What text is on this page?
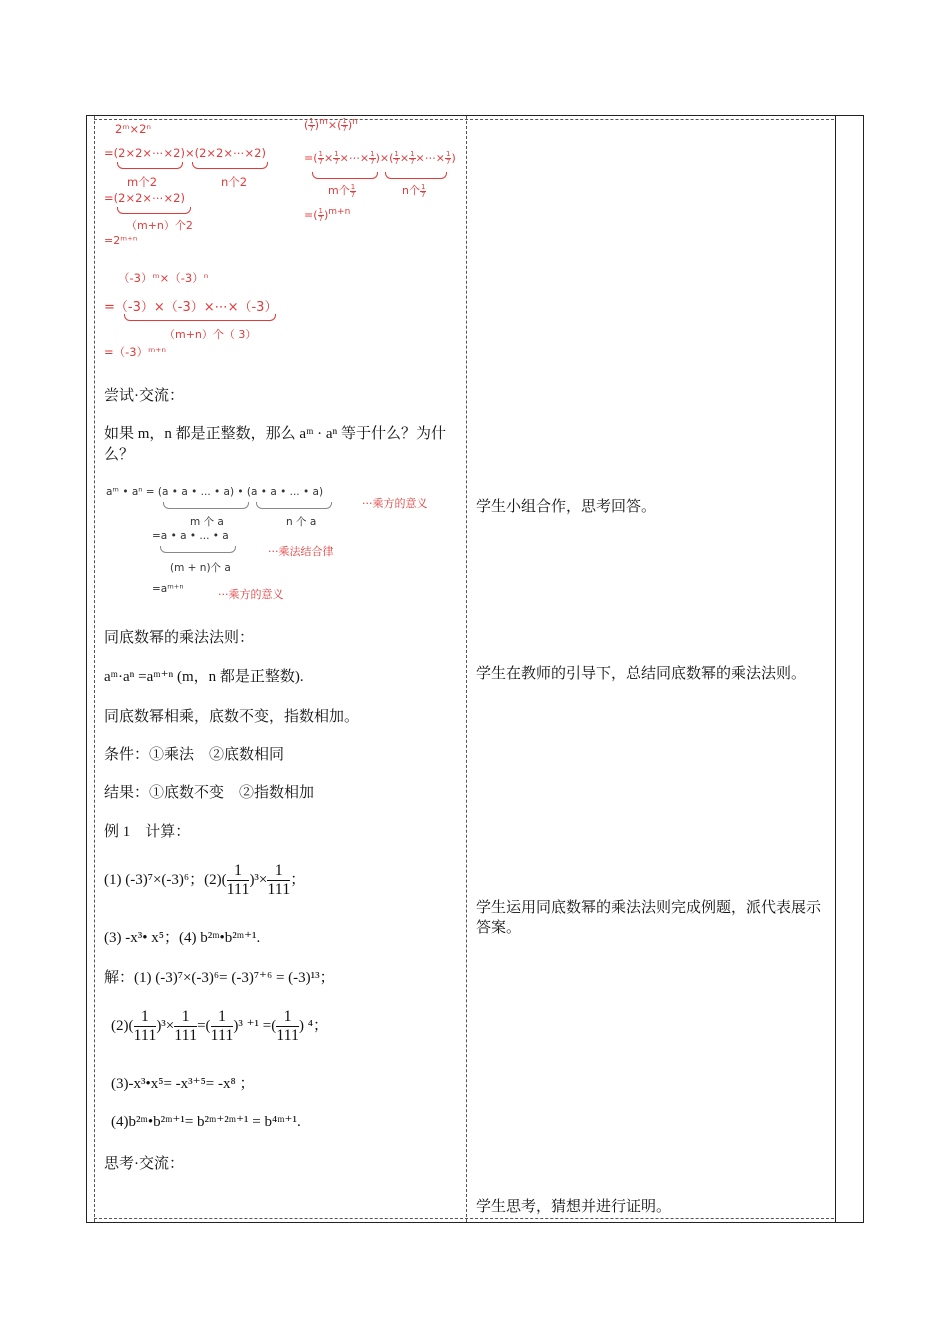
2ᵐ×2ⁿ
=(2×2×⋯×2)×(2×2×⋯×2)
m个2	n个2
=(2×2×⋯×2)
（m+n）个2
=2ᵐ⁺ⁿ
( $\frac{1}{7} )^m\times( \frac{1}{7} )^n$
=( $\frac{1}{7} \times \frac{1}{7}$ ×⋯× $\frac{1}{7}$ )×( $\frac{1}{7} \times \frac{1}{7}$ ×⋯× $\frac{1}{7}$ )
m个 $\frac{1}{7}$	n个 $\frac{1}{7}$
=( $\frac{1}{7} )^{m+n}$
（-3）ᵐ×（-3）ⁿ
=（-3）×（-3）×⋯×（-3）
（m+n）个（ 3）
=（-3）ᵐ⁺ⁿ
尝试·交流：
如果 m，n 都是正整数，那么 aᵐ · aⁿ 等于什么？为什么？
aᵐ • aⁿ = (a • a • ... • a) • (a • a • ... • a)
···乘方的意义
m 个 a	n 个 a
=a • a • ... • a
···乘法结合律
(m + n)个 a
=aᵐ⁺ⁿ	···乘方的意义
同底数幂的乘法法则：
aᵐ·aⁿ =aᵐ⁺ⁿ (m，n 都是正整数).
同底数幂相乘，底数不变，指数相加。
条件：①乘法　②底数相同
结果：①底数不变　②指数相加
例 1　计算：
(1) (-3)⁷×(-3)⁶；$(2)( \frac{1}{111} )^3\times \frac{1}{111}$ ；
(3) -x³• x⁵；(4) b²ᵐ•b²ᵐ⁺¹.
解：(1) (-3)⁷×(-3)⁶= (-3)⁷⁺⁶ = (-3)¹³；
$(2)( \frac{1}{111} )^3\times \frac{1}{111}$ =( $\frac{1}{111} )^3$ ⁺¹ =( $\frac{1}{111}$ ) ⁴；
(3)-x³•x⁵= -x³⁺⁵= -x⁸ ；
(4)b²ᵐ•b²ᵐ⁺¹= b²ᵐ⁺²ᵐ⁺¹ = b⁴ᵐ⁺¹.
思考·交流：
学生小组合作，思考回答。
学生在教师的引导下，总结同底数幂的乘法法则。
学生运用同底数幂的乘法法则完成例题，派代表展示答案。
学生思考，猜想并进行证明。
